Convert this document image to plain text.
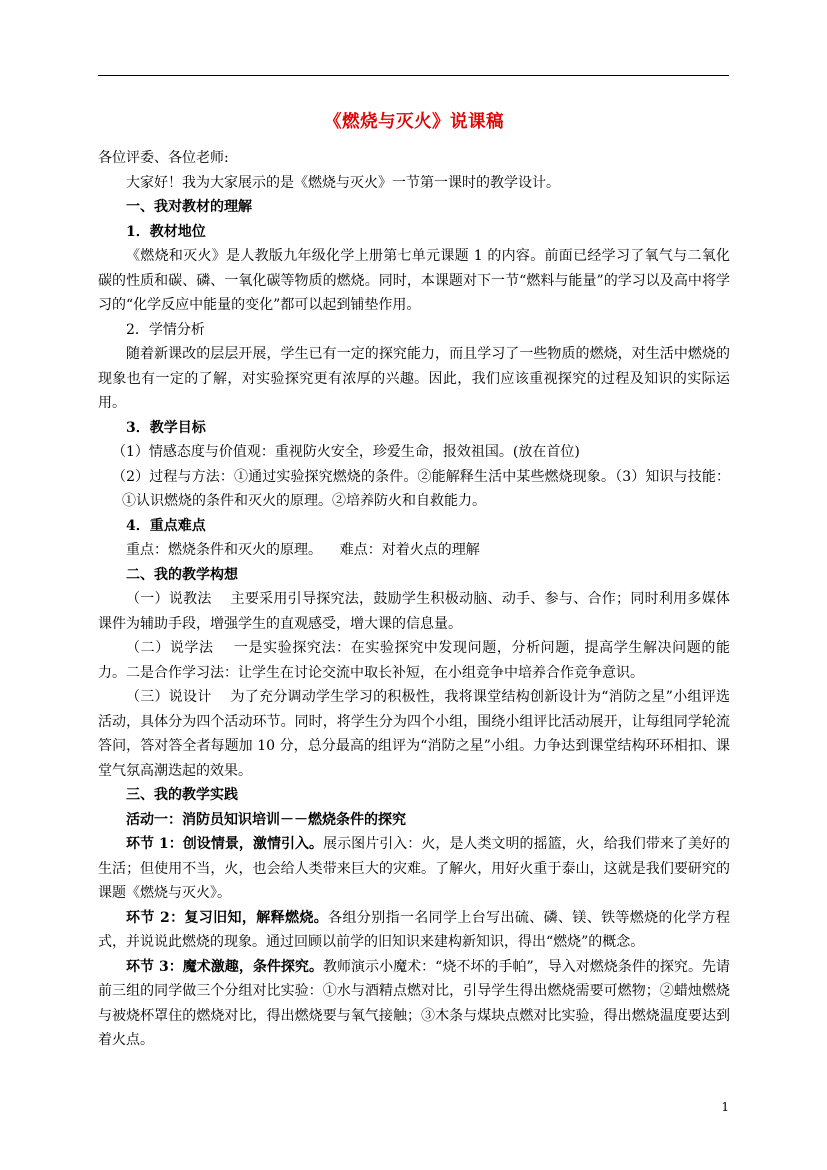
《燃烧与灭火》说课稿

各位评委、各位老师:

大家好！我为大家展示的是《燃烧与灭火》一节第一课时的教学设计。

一、我对教材的理解

1．教材地位

《燃烧和灭火》是人教版九年级化学上册第七单元课题 1 的内容。前面已经学习了氧气与二氧化碳的性质和碳、磷、一氧化碳等物质的燃烧。同时，本课题对下一节“燃料与能量”的学习以及高中将学习的“化学反应中能量的变化”都可以起到铺垫作用。

2．学情分析

随着新课改的层层开展，学生已有一定的探究能力，而且学习了一些物质的燃烧，对生活中燃烧的现象也有一定的了解，对实验探究更有浓厚的兴趣。因此，我们应该重视探究的过程及知识的实际运用。

3．教学目标

（1）情感态度与价值观：重视防火安全，珍爱生命，报效祖国。(放在首位)

（2）过程与方法：①通过实验探究燃烧的条件。②能解释生活中某些燃烧现象。（3）知识与技能：①认识燃烧的条件和灭火的原理。②培养防火和自救能力。

4．重点难点

重点：燃烧条件和灭火的原理。    难点：对着火点的理解

二、我的教学构想

（一）说教法    主要采用引导探究法，鼓励学生积极动脑、动手、参与、合作；同时利用多媒体课件为辅助手段，增强学生的直观感受，增大课的信息量。

（二）说学法    一是实验探究法：在实验探究中发现问题，分析问题，提高学生解决问题的能力。二是合作学习法：让学生在讨论交流中取长补短，在小组竞争中培养合作竞争意识。

（三）说设计    为了充分调动学生学习的积极性，我将课堂结构创新设计为“消防之星”小组评选活动，具体分为四个活动环节。同时，将学生分为四个小组，围绕小组评比活动展开，让每组同学轮流答问，答对答全者每题加 10 分，总分最高的组评为“消防之星”小组。力争达到课堂结构环环相扣、课堂气氛高潮迭起的效果。

三、我的教学实践

活动一：消防员知识培训－－燃烧条件的探究

环节 1：创设情景，激情引入。展示图片引入：火，是人类文明的摇篮，火，给我们带来了美好的生活；但使用不当，火，也会给人类带来巨大的灾难。了解火，用好火重于泰山，这就是我们要研究的课题《燃烧与灭火》。

环节 2：复习旧知，解释燃烧。各组分别指一名同学上台写出硫、磷、镁、铁等燃烧的化学方程式，并说说此燃烧的现象。通过回顾以前学的旧知识来建构新知识，得出“燃烧”的概念。

环节 3：魔术激趣，条件探究。教师演示小魔术：“烧不坏的手帕”，导入对燃烧条件的探究。先请前三组的同学做三个分组对比实验：①水与酒精点燃对比，引导学生得出燃烧需要可燃物；②蜡烛燃烧与被烧杯罩住的燃烧对比，得出燃烧要与氧气接触；③木条与煤块点燃对比实验，得出燃烧温度要达到着火点。

1
